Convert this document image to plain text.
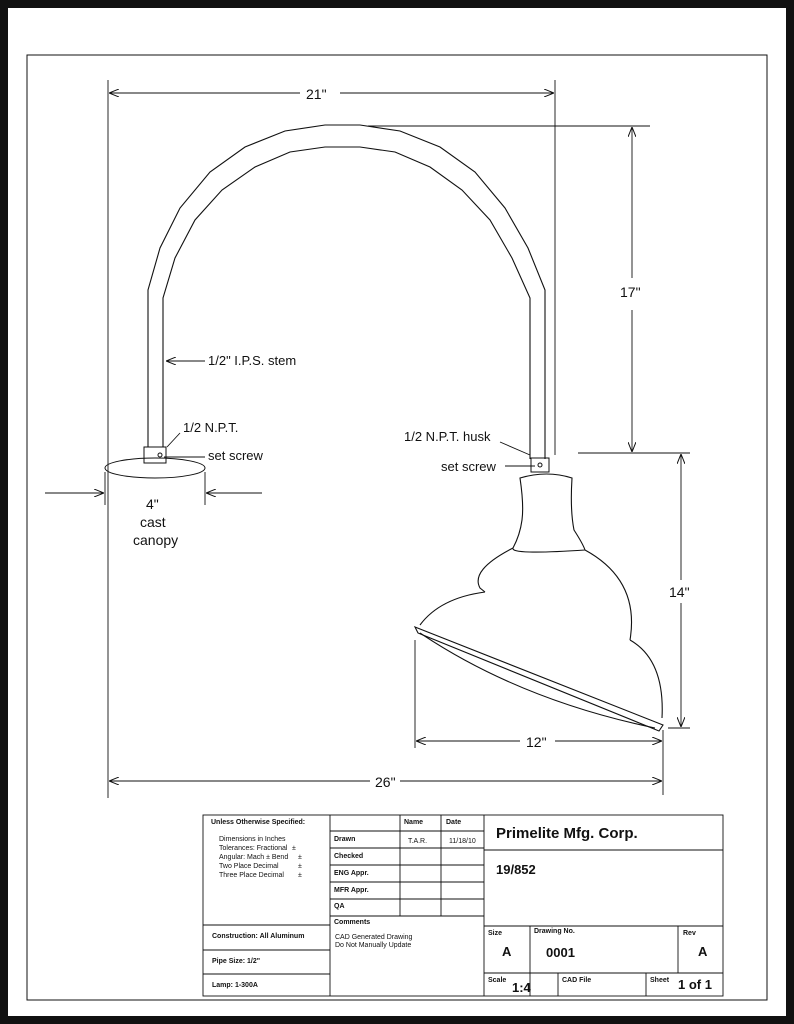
21"
17"
14"
12"
26"
4"
cast
canopy
1/2" I.P.S. stem
1/2 N.P.T.
set screw
1/2 N.P.T. husk
set screw
Unless Otherwise Specified:
Dimensions in Inches
Tolerances: Fractional ±
Angular: Mach ± Bend ±
Two Place Decimal	±
Three Place Decimal ±
Construction: All Aluminum
Pipe Size: 1/2"
Lamp: 1-300A
Name	Date
Drawn	T.A.R.	11/18/10
Checked
ENG Appr.
MFR Appr.
QA
Comments
CAD Generated Drawing
Do Not Manually Update
Primelite Mfg. Corp.
19/852
Size
A
Drawing No.
0001
Rev
A
Scale 1:4	CAD File	Sheet 1 of 1
